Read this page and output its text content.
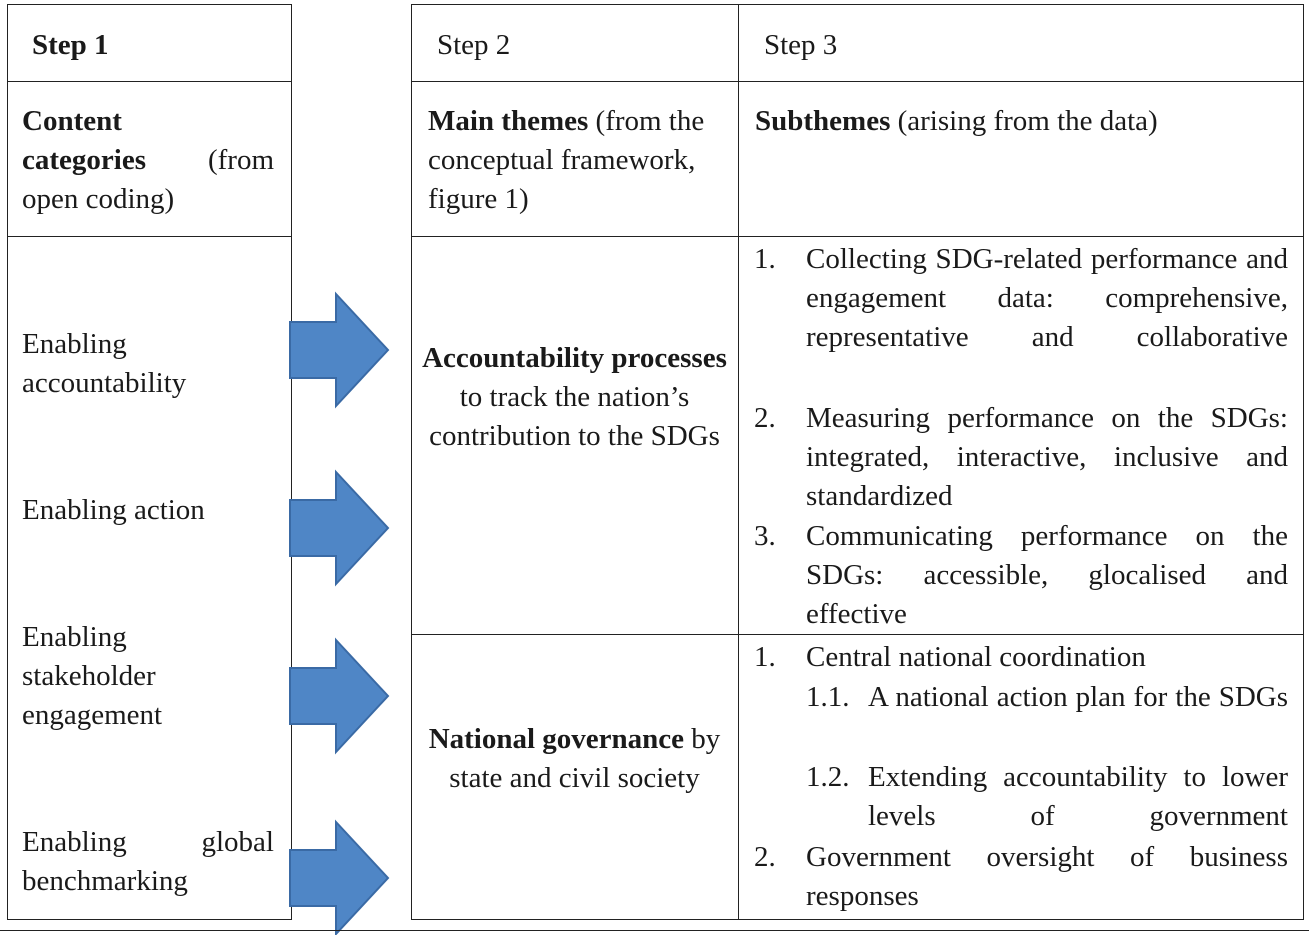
Step 1
Content
categories (from
open coding)
Enabling
accountability
Enabling action
Enabling
stakeholder
engagement
Enabling	global
benchmarking
Step 2	Step 3
Main themes (from the conceptual framework, figure 1)
Subthemes (arising from the data)
Accountability processes to track the nation’s contribution to the SDGs
National governance by state and civil society
1. Collecting SDG-related performance and engagement data: comprehensive, representative and collaborative
2. Measuring performance on the SDGs: integrated, interactive, inclusive and standardized
3. Communicating performance on the SDGs: accessible, glocalised and effective
1. Central national coordination
1.1. A national action plan for the SDGs
1.2. Extending accountability to lower levels of government
2. Government oversight of business responses
